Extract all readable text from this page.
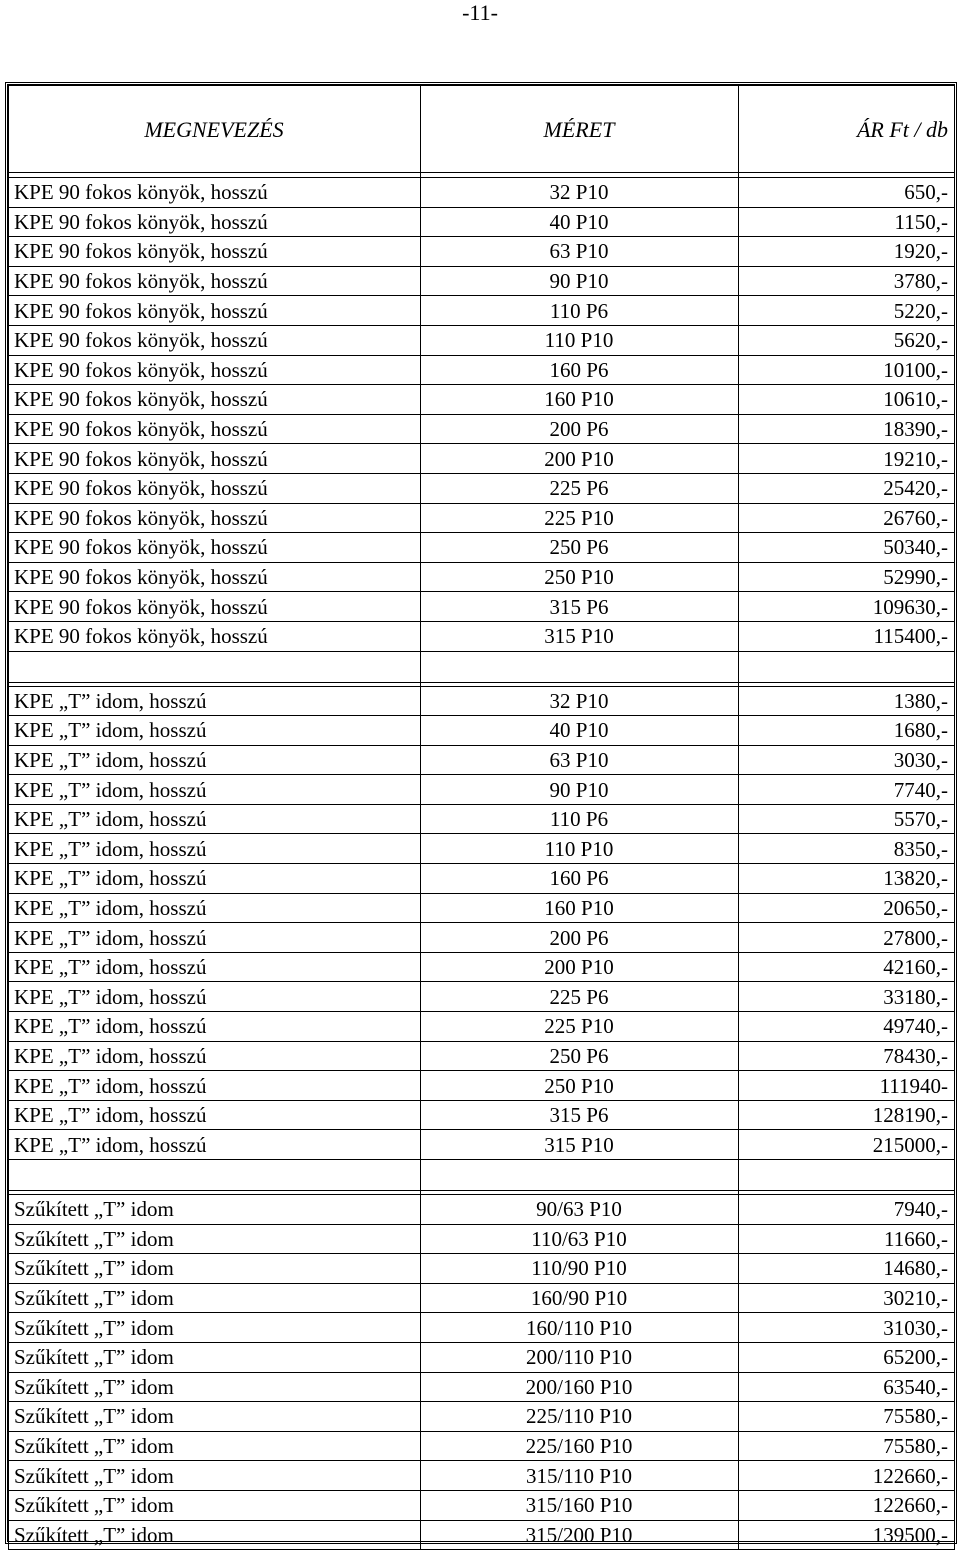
-11-
MEGNEVEZÉS	MÉRET	ÁR Ft / db

KPE 90 fokos könyök, hosszú	32 P10	650,-
KPE 90 fokos könyök, hosszú	40 P10	1150,-
KPE 90 fokos könyök, hosszú	63 P10	1920,-
KPE 90 fokos könyök, hosszú	90 P10	3780,-
KPE 90 fokos könyök, hosszú	110 P6	5220,-
KPE 90 fokos könyök, hosszú	110 P10	5620,-
KPE 90 fokos könyök, hosszú	160 P6	10100,-
KPE 90 fokos könyök, hosszú	160 P10	10610,-
KPE 90 fokos könyök, hosszú	200 P6	18390,-
KPE 90 fokos könyök, hosszú	200 P10	19210,-
KPE 90 fokos könyök, hosszú	225 P6	25420,-
KPE 90 fokos könyök, hosszú	225 P10	26760,-
KPE 90 fokos könyök, hosszú	250 P6	50340,-
KPE 90 fokos könyök, hosszú	250 P10	52990,-
KPE 90 fokos könyök, hosszú	315 P6	109630,-
KPE 90 fokos könyök, hosszú	315 P10	115400,-

KPE „T” idom, hosszú	32 P10	1380,-
KPE „T” idom, hosszú	40 P10	1680,-
KPE „T” idom, hosszú	63 P10	3030,-
KPE „T” idom, hosszú	90 P10	7740,-
KPE „T” idom, hosszú	110 P6	5570,-
KPE „T” idom, hosszú	110 P10	8350,-
KPE „T” idom, hosszú	160 P6	13820,-
KPE „T” idom, hosszú	160 P10	20650,-
KPE „T” idom, hosszú	200 P6	27800,-
KPE „T” idom, hosszú	200 P10	42160,-
KPE „T” idom, hosszú	225 P6	33180,-
KPE „T” idom, hosszú	225 P10	49740,-
KPE „T” idom, hosszú	250 P6	78430,-
KPE „T” idom, hosszú	250 P10	111940-
KPE „T” idom, hosszú	315 P6	128190,-
KPE „T” idom, hosszú	315 P10	215000,-

Szűkített „T” idom	90/63 P10	7940,-
Szűkített „T” idom	110/63 P10	11660,-
Szűkített „T” idom	110/90 P10	14680,-
Szűkített „T” idom	160/90 P10	30210,-
Szűkített „T” idom	160/110 P10	31030,-
Szűkített „T” idom	200/110 P10	65200,-
Szűkített „T” idom	200/160 P10	63540,-
Szűkített „T” idom	225/110 P10	75580,-
Szűkített „T” idom	225/160 P10	75580,-
Szűkített „T” idom	315/110 P10	122660,-
Szűkített „T” idom	315/160 P10	122660,-
Szűkített „T” idom	315/200 P10	139500,-
